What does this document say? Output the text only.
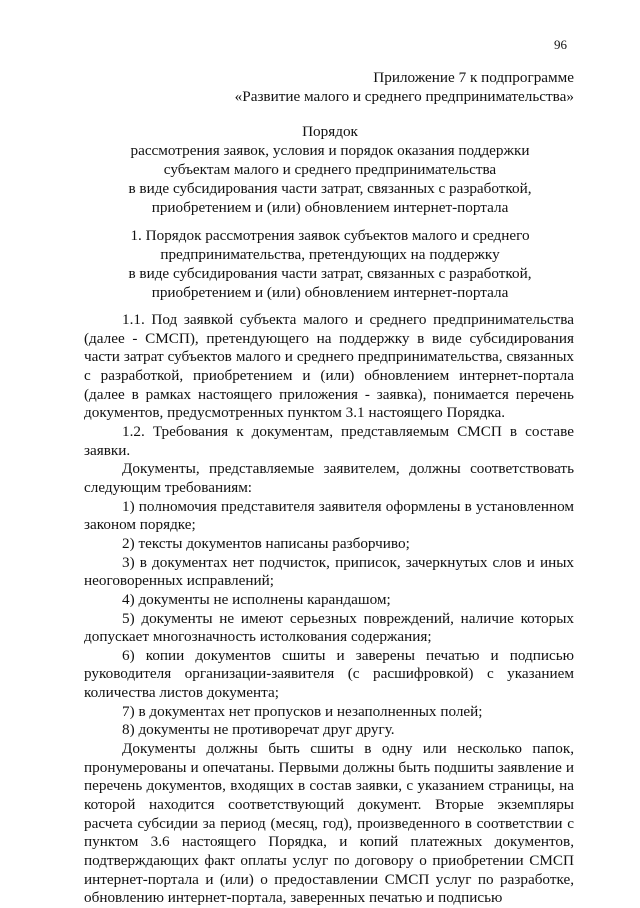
96
Приложение 7 к подпрограмме
«Развитие малого и среднего предпринимательства»
Порядок
рассмотрения заявок, условия и порядок оказания поддержки
субъектам малого и среднего предпринимательства
в виде субсидирования части затрат, связанных с разработкой,
приобретением и (или) обновлением интернет-портала
1. Порядок рассмотрения заявок субъектов малого и среднего
предпринимательства, претендующих на поддержку
в виде субсидирования части затрат, связанных с разработкой,
приобретением и (или) обновлением интернет-портала

1.1. Под заявкой субъекта малого и среднего предпринимательства (далее - СМСП), претендующего на поддержку в виде субсидирования части затрат субъектов малого и среднего предпринимательства, связанных с разработкой, приобретением и (или) обновлением интернет-портала (далее в рамках настоящего приложения - заявка), понимается перечень документов, предусмотренных пунктом 3.1 настоящего Порядка.

1.2. Требования к документам, представляемым СМСП в составе заявки.

Документы, представляемые заявителем, должны соответствовать следующим требованиям:

1) полномочия представителя заявителя оформлены в установленном законом порядке;

2) тексты документов написаны разборчиво;

3) в документах нет подчисток, приписок, зачеркнутых слов и иных неоговоренных исправлений;

4) документы не исполнены карандашом;

5) документы не имеют серьезных повреждений, наличие которых допускает многозначность истолкования содержания;

6) копии документов сшиты и заверены печатью и подписью руководителя организации-заявителя (с расшифровкой) с указанием количества листов документа;

7) в документах нет пропусков и незаполненных полей;

8) документы не противоречат друг другу.

Документы должны быть сшиты в одну или несколько папок, пронумерованы и опечатаны. Первыми должны быть подшиты заявление и перечень документов, входящих в состав заявки, с указанием страницы, на которой находится соответствующий документ. Вторые экземпляры расчета субсидии за период (месяц, год), произведенного в соответствии с пунктом 3.6 настоящего Порядка, и копий платежных документов, подтверждающих факт оплаты услуг по договору о приобретении СМСП интернет-портала и (или) о предоставлении СМСП услуг по разработке, обновлению интернет-портала, заверенных печатью и подписью
